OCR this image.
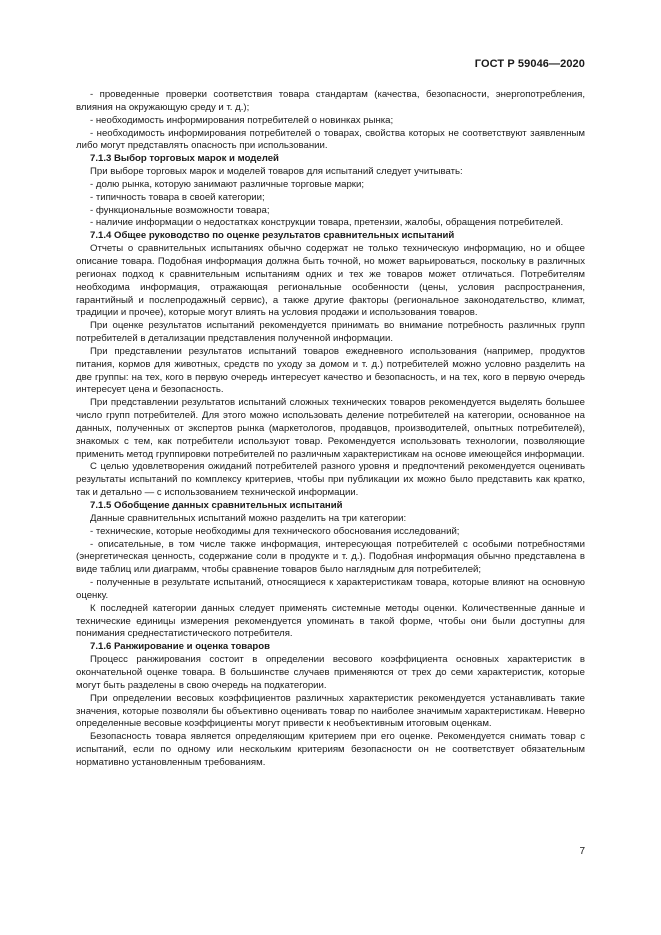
ГОСТ Р 59046—2020

- проведенные проверки соответствия товара стандартам (качества, безопасности, энергопотребления, влияния на окружающую среду и т. д.);

- необходимость информирования потребителей о новинках рынка;

- необходимость информирования потребителей о товарах, свойства которых не соответствуют заявленным либо могут представлять опасность при использовании.

7.1.3 Выбор торговых марок и моделей

При выборе торговых марок и моделей товаров для испытаний следует учитывать:

- долю рынка, которую занимают различные торговые марки;

- типичность товара в своей категории;

- функциональные возможности товара;

- наличие информации о недостатках конструкции товара, претензии, жалобы, обращения потребителей.

7.1.4 Общее руководство по оценке результатов сравнительных испытаний

Отчеты о сравнительных испытаниях обычно содержат не только техническую информацию, но и общее описание товара. Подобная информация должна быть точной, но может варьироваться, поскольку в различных регионах подход к сравнительным испытаниям одних и тех же товаров может отличаться. Потребителям необходима информация, отражающая региональные особенности (цены, условия распространения, гарантийный и послепродажный сервис), а также другие факторы (региональное законодательство, климат, традиции и прочее), которые могут влиять на условия продажи и использования товаров.

При оценке результатов испытаний рекомендуется принимать во внимание потребность различных групп потребителей в детализации представления полученной информации.

При представлении результатов испытаний товаров ежедневного использования (например, продуктов питания, кормов для животных, средств по уходу за домом и т. д.) потребителей можно условно разделить на две группы: на тех, кого в первую очередь интересует качество и безопасность, и на тех, кого в первую очередь интересует цена и безопасность.

При представлении результатов испытаний сложных технических товаров рекомендуется выделять большее число групп потребителей. Для этого можно использовать деление потребителей на категории, основанное на данных, полученных от экспертов рынка (маркетологов, продавцов, производителей, опытных потребителей), знакомых с тем, как потребители используют товар. Рекомендуется использовать технологии, позволяющие применить метод группировки потребителей по различным характеристикам на основе имеющейся информации.

С целью удовлетворения ожиданий потребителей разного уровня и предпочтений рекомендуется оценивать результаты испытаний по комплексу критериев, чтобы при публикации их можно было представить как кратко, так и детально — с использованием технической информации.

7.1.5 Обобщение данных сравнительных испытаний

Данные сравнительных испытаний можно разделить на три категории:

- технические, которые необходимы для технического обоснования исследований;

- описательные, в том числе также информация, интересующая потребителей с особыми потребностями (энергетическая ценность, содержание соли в продукте и т. д.). Подобная информация обычно представлена в виде таблиц или диаграмм, чтобы сравнение товаров было наглядным для потребителей;

- полученные в результате испытаний, относящиеся к характеристикам товара, которые влияют на основную оценку.

К последней категории данных следует применять системные методы оценки. Количественные данные и технические единицы измерения рекомендуется упоминать в такой форме, чтобы они были доступны для понимания среднестатистического потребителя.

7.1.6 Ранжирование и оценка товаров

Процесс ранжирования состоит в определении весового коэффициента основных характеристик в окончательной оценке товара. В большинстве случаев применяются от трех до семи характеристик, которые могут быть разделены в свою очередь на подкатегории.

При определении весовых коэффициентов различных характеристик рекомендуется устанавливать такие значения, которые позволяли бы объективно оценивать товар по наиболее значимым характеристикам. Неверно определенные весовые коэффициенты могут привести к необъективным итоговым оценкам.

Безопасность товара является определяющим критерием при его оценке. Рекомендуется снимать товар с испытаний, если по одному или нескольким критериям безопасности он не соответствует обязательным нормативно установленным требованиям.

7
